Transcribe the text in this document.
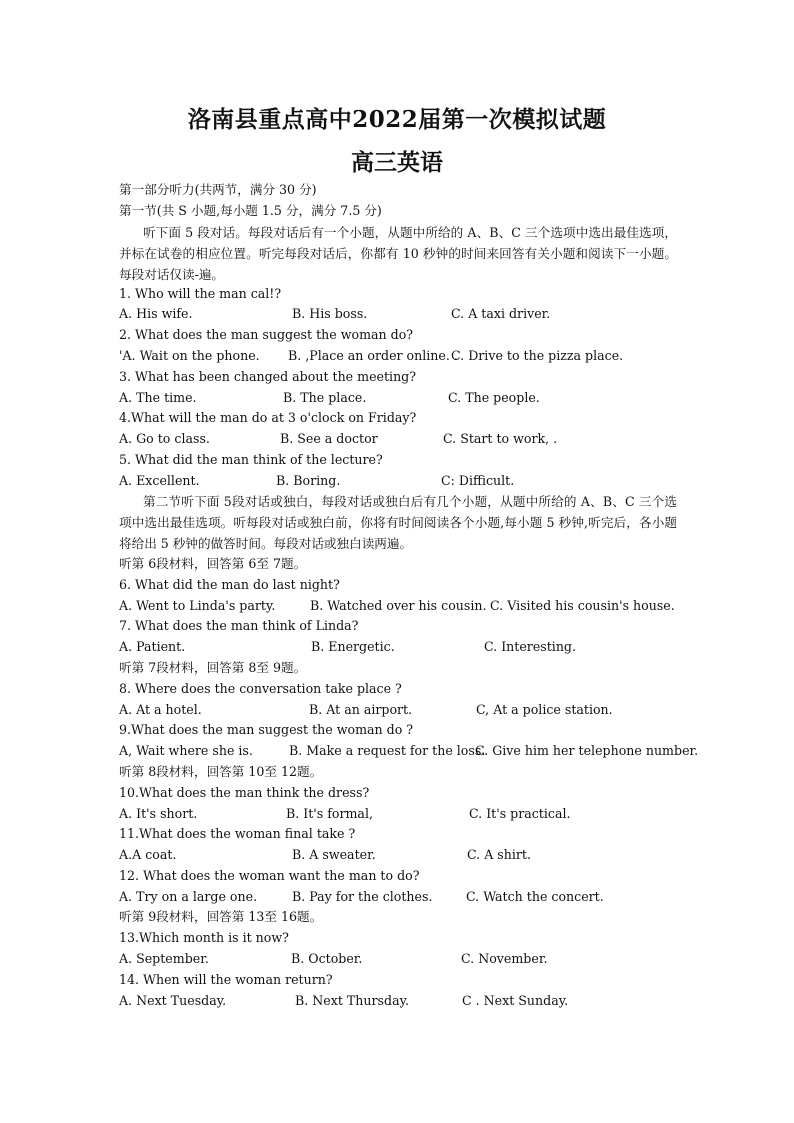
洛南县重点高中2022届第一次模拟试题
高三英语
第一部分听力(共两节，满分 30 分)
第一节(共 S 小题,每小题 1.5 分，满分 7.5 分)
听下面 5 段对话。每段对话后有一个小题，从题中所给的 A、B、C 三个选项中选出最佳选项，并标在试卷的相应位置。听完每段对话后，你都有 10 秒钟的时间来回答有关小题和阅读下一小题。每段对话仅读-遍。
1. Who will the man cal!?
A. His wife.	B. His boss.	C. A taxi driver.
2. What does the man suggest the woman do?
'A. Wait on the phone. B. ,Place an order online. .
C. Drive to the pizza place.
3. What has been changed about the meeting?
A. The time.	B. The place.	C. The people.
4.What will the man do at 3 o'clock on Friday?
A. Go to class.	B. See a doctor	C. Start to work, .
5. What did the man think of the lecture?
A. Excellent.	B. Boring.	C: Difficult.
第二节听下面 5段对话或独白，每段对话或独白后有几个小题，从题中所给的 A、B、C 三个选项中选出最佳选项。听每段对话或独白前，你将有时间阅读各个小题,每小题 5 秒钟,听完后，各小题将给出 5 秒钟的做答时间。每段对话或独白读两遍。
听第 6段材料，回答第 6至 7题。
6. What did the man do last night?
A. Went to Linda's party.	B. Watched over his cousin. C. Visited his cousin's house.
7. What does the man think of Linda?
A. Patient.	B. Energetic.	C. Interesting.
听第 7段材料，回答第 8至 9题。
8. Where does the conversation take place ?
A. At a hotel.	B. At an airport.	C, At a police station.
9.What does the man suggest the woman do ?
A, Wait where she is.	B. Make a request for the loss.
C. Give him her telephone number.
听第 8段材料，回答第 10至 12题。
10.What does the man think the dress?
A. It's short.	B. It's formal,	C. It's practical.
11.What does the woman final take ?
A.A coat.	B. A sweater.	C. A shirt.
12. What does the woman want the man to do?
A. Try on a large one.	B. Pay for the clothes.	C. Watch the concert.
听第 9段材料，回答第 13至 16题。
13.Which month is it now?
A. September.	B. October.	C. November.
14. When will the woman return?
A. Next Tuesday.	B. Next Thursday.	C . Next Sunday.
